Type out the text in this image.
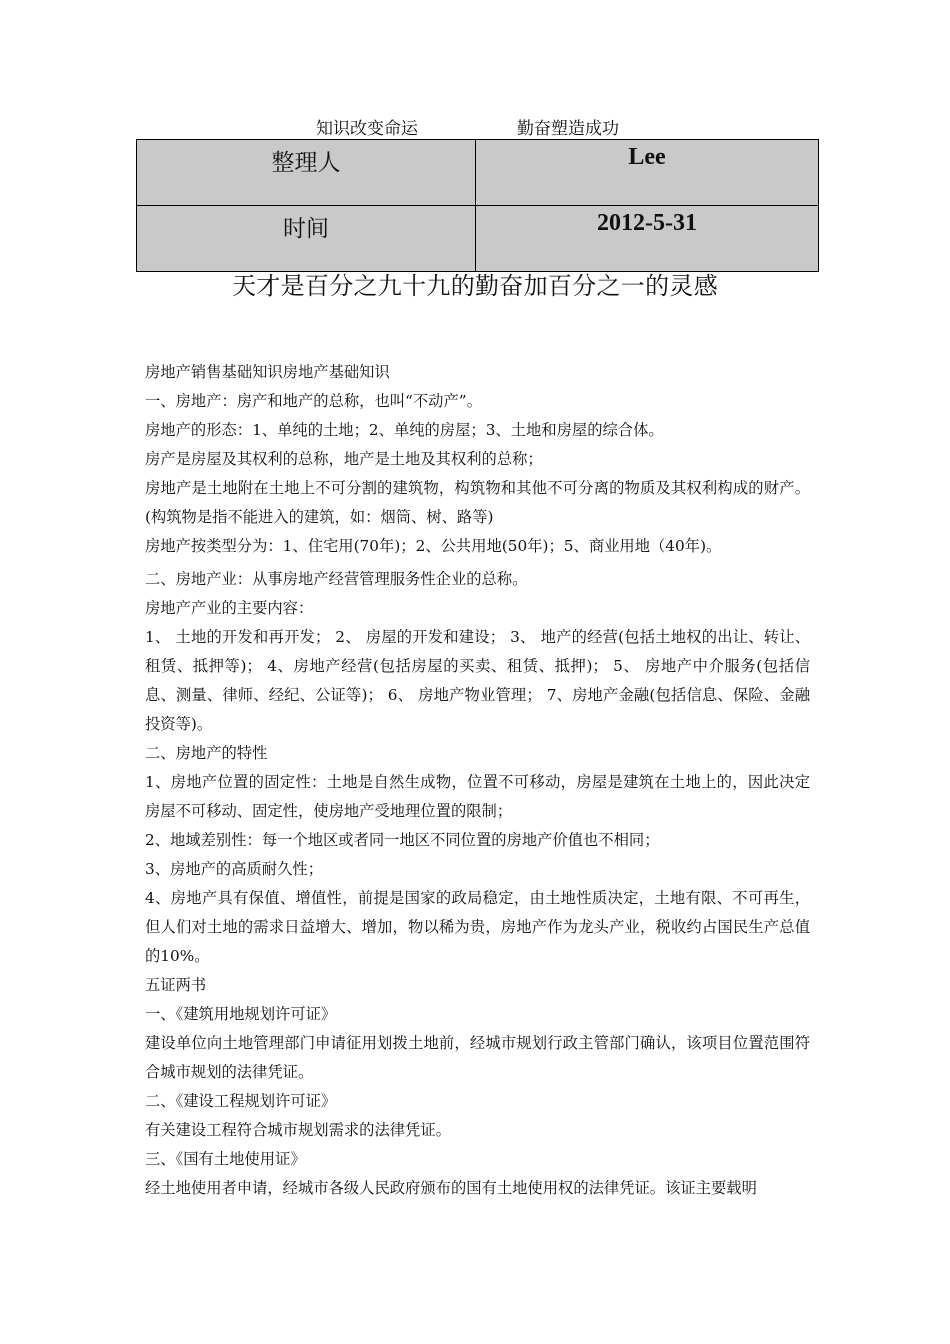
知识改变命运	勤奋塑造成功
整理人	Lee
时间	2012-5-31
天才是百分之九十九的勤奋加百分之一的灵感

房地产销售基础知识房地产基础知识

一、房地产：房产和地产的总称，也叫“不动产”。

房地产的形态：1、单纯的土地；2、单纯的房屋；3、土地和房屋的综合体。

房产是房屋及其权利的总称，地产是土地及其权利的总称；

房地产是土地附在土地上不可分割的建筑物，构筑物和其他不可分离的物质及其权利构成的财产。(构筑物是指不能进入的建筑，如：烟筒、树、路等)

房地产按类型分为：1、住宅用(70年)；2、公共用地(50年)；5、商业用地（40年)。

二、房地产业：从事房地产经营管理服务性企业的总称。

房地产产业的主要内容：

1、 土地的开发和再开发； 2、 房屋的开发和建设； 3、 地产的经营(包括土地权的出让、转让、租赁、抵押等)； 4、房地产经营(包括房屋的买卖、租赁、抵押)； 5、 房地产中介服务(包括信息、测量、律师、经纪、公证等)； 6、 房地产物业管理； 7、房地产金融(包括信息、保险、金融投资等)。

二、房地产的特性

1、房地产位置的固定性：土地是自然生成物，位置不可移动，房屋是建筑在土地上的，因此决定房屋不可移动、固定性，使房地产受地理位置的限制；

2、地域差别性：每一个地区或者同一地区不同位置的房地产价值也不相同；

3、房地产的高质耐久性；

4、房地产具有保值、增值性，前提是国家的政局稳定，由土地性质决定，土地有限、不可再生，但人们对土地的需求日益增大、增加，物以稀为贵，房地产作为龙头产业，税收约占国民生产总值的10%。

五证两书

一、《建筑用地规划许可证》

建设单位向土地管理部门申请征用划拨土地前，经城市规划行政主管部门确认，该项目位置范围符合城市规划的法律凭证。

二、《建设工程规划许可证》

有关建设工程符合城市规划需求的法律凭证。

三、《国有土地使用证》

经土地使用者申请，经城市各级人民政府颁布的国有土地使用权的法律凭证。该证主要载明
